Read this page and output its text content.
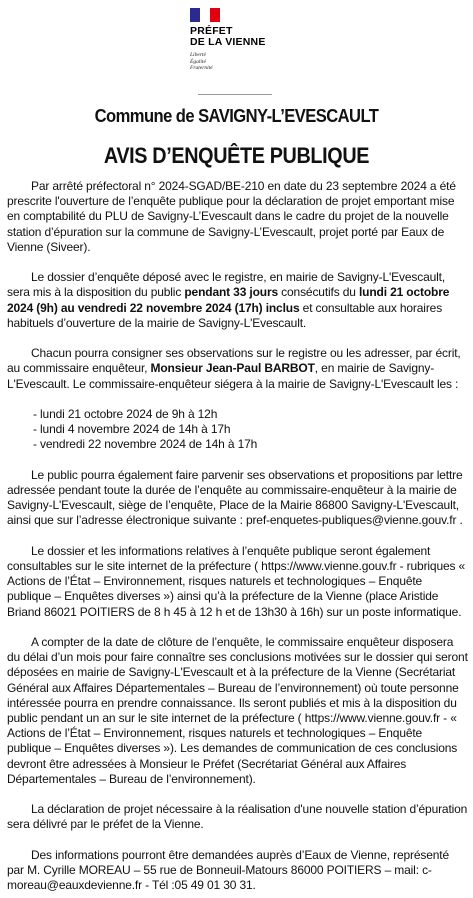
PRÉFET
DE LA VIENNE
Liberté
Égalité
Fraternité
Commune de SAVIGNY-L’EVESCAULT
AVIS D’ENQUÊTE PUBLIQUE

Par arrêté préfectoral n° 2024-SGAD/BE-210 en date du 23 septembre 2024 a été prescrite l'ouverture de l’enquête publique pour la déclaration de projet emportant mise en comptabilité du PLU de Savigny-L’Evescault dans le cadre du projet de la nouvelle station d’épuration sur la commune de Savigny-L’Evescault, projet porté par Eaux de Vienne (Siveer).

Le dossier d’enquête déposé avec le registre, en mairie de Savigny-L'Evescault, sera mis à la disposition du public pendant 33 jours consécutifs du lundi 21 octobre 2024 (9h) au vendredi 22 novembre 2024 (17h) inclus et consultable aux horaires habituels d’ouverture de la mairie de Savigny-L'Evescault.

Chacun pourra consigner ses observations sur le registre ou les adresser, par écrit, au commissaire enquêteur, Monsieur Jean-Paul BARBOT, en mairie de Savigny-L'Evescault. Le commissaire-enquêteur siégera à la mairie de Savigny-L'Evescault les :

- lundi 21 octobre 2024 de 9h à 12h
- lundi 4 novembre 2024 de 14h à 17h
- vendredi 22 novembre 2024 de 14h à 17h

Le public pourra également faire parvenir ses observations et propositions par lettre adressée pendant toute la durée de l’enquête au commissaire-enquêteur à la mairie de Savigny-L'Evescault, siège de l’enquête, Place de la Mairie 86800 Savigny-L'Evescault, ainsi que sur l’adresse électronique suivante : pref-enquetes-publiques@vienne.gouv.fr .

Le dossier et les informations relatives à l’enquête publique seront également consultables sur le site internet de la préfecture ( https://www.vienne.gouv.fr - rubriques « Actions de l’État – Environnement, risques naturels et technologiques – Enquête publique – Enquêtes diverses ») ainsi qu’à la préfecture de la Vienne (place Aristide Briand 86021 POITIERS de 8 h 45 à 12 h et de 13h30 à 16h) sur un poste informatique.

A compter de la date de clôture de l’enquête, le commissaire enquêteur disposera du délai d’un mois pour faire connaître ses conclusions motivées sur le dossier qui seront déposées en mairie de Savigny-L'Evescault et à la préfecture de la Vienne (Secrétariat Général aux Affaires Départementales – Bureau de l’environnement) où toute personne intéressée pourra en prendre connaissance. Ils seront publiés et mis à la disposition du public pendant un an sur le site internet de la préfecture ( https://www.vienne.gouv.fr - « Actions de l’État – Environnement, risques naturels et technologiques – Enquête publique – Enquêtes diverses »). Les demandes de communication de ces conclusions devront être adressées à Monsieur le Préfet (Secrétariat Général aux Affaires Départementales – Bureau de l’environnement).

La déclaration de projet nécessaire à la réalisation d'une nouvelle station d’épuration sera délivré par le préfet de la Vienne.

Des informations pourront être demandées auprès d’Eaux de Vienne, représenté par M. Cyrille MOREAU – 55 rue de Bonneuil-Matours 86000 POITIERS – mail: c-moreau@eauxdevienne.fr - Tél :05 49 01 30 31.
